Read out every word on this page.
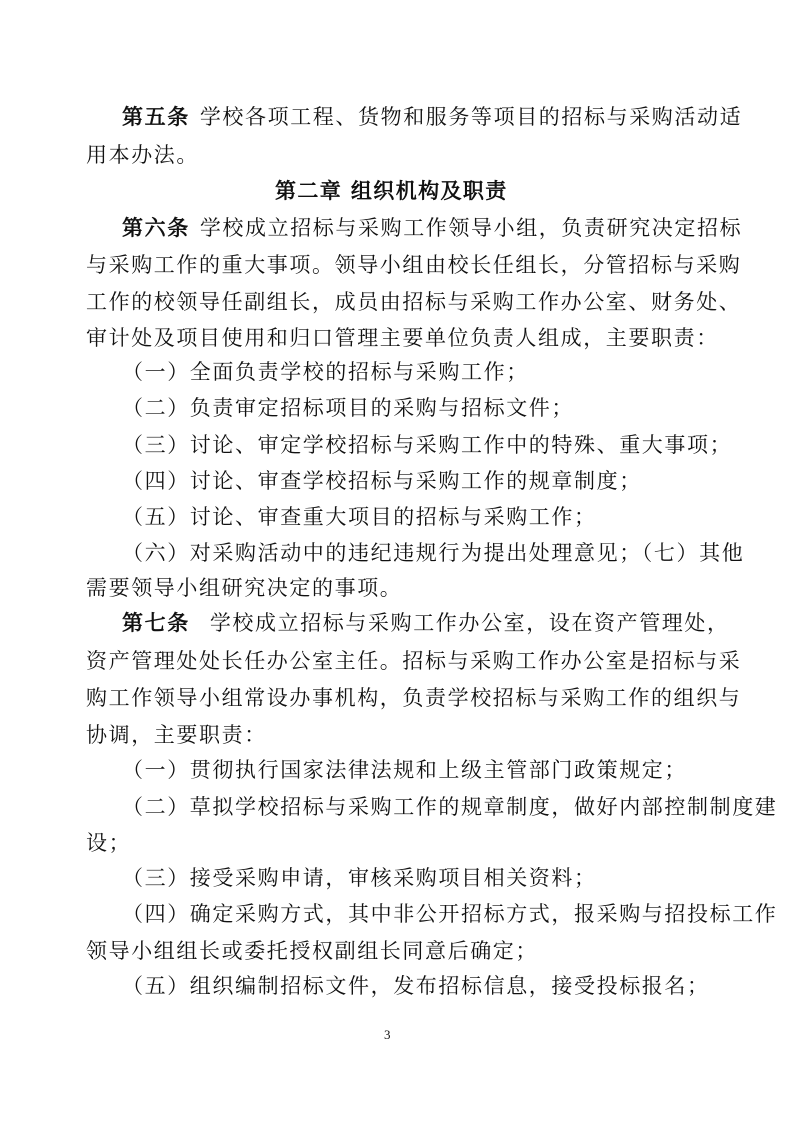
第五条 学校各项工程、货物和服务等项目的招标与采购活动适

用本办法。

第二章 组织机构及职责

第六条 学校成立招标与采购工作领导小组，负责研究决定招标

与采购工作的重大事项。领导小组由校长任组长，分管招标与采购

工作的校领导任副组长，成员由招标与采购工作办公室、财务处、

审计处及项目使用和归口管理主要单位负责人组成，主要职责：

（一）全面负责学校的招标与采购工作；

（二）负责审定招标项目的采购与招标文件；

（三）讨论、审定学校招标与采购工作中的特殊、重大事项；

（四）讨论、审查学校招标与采购工作的规章制度；

（五）讨论、审查重大项目的招标与采购工作；

（六）对采购活动中的违纪违规行为提出处理意见；（七）其他

需要领导小组研究决定的事项。

第七条 学校成立招标与采购工作办公室，设在资产管理处，

资产管理处处长任办公室主任。招标与采购工作办公室是招标与采

购工作领导小组常设办事机构，负责学校招标与采购工作的组织与

协调，主要职责：

（一）贯彻执行国家法律法规和上级主管部门政策规定；

（二）草拟学校招标与采购工作的规章制度，做好内部控制制度建

设；

（三）接受采购申请，审核采购项目相关资料；

（四）确定采购方式，其中非公开招标方式，报采购与招投标工作

领导小组组长或委托授权副组长同意后确定；

（五）组织编制招标文件，发布招标信息，接受投标报名；

3
